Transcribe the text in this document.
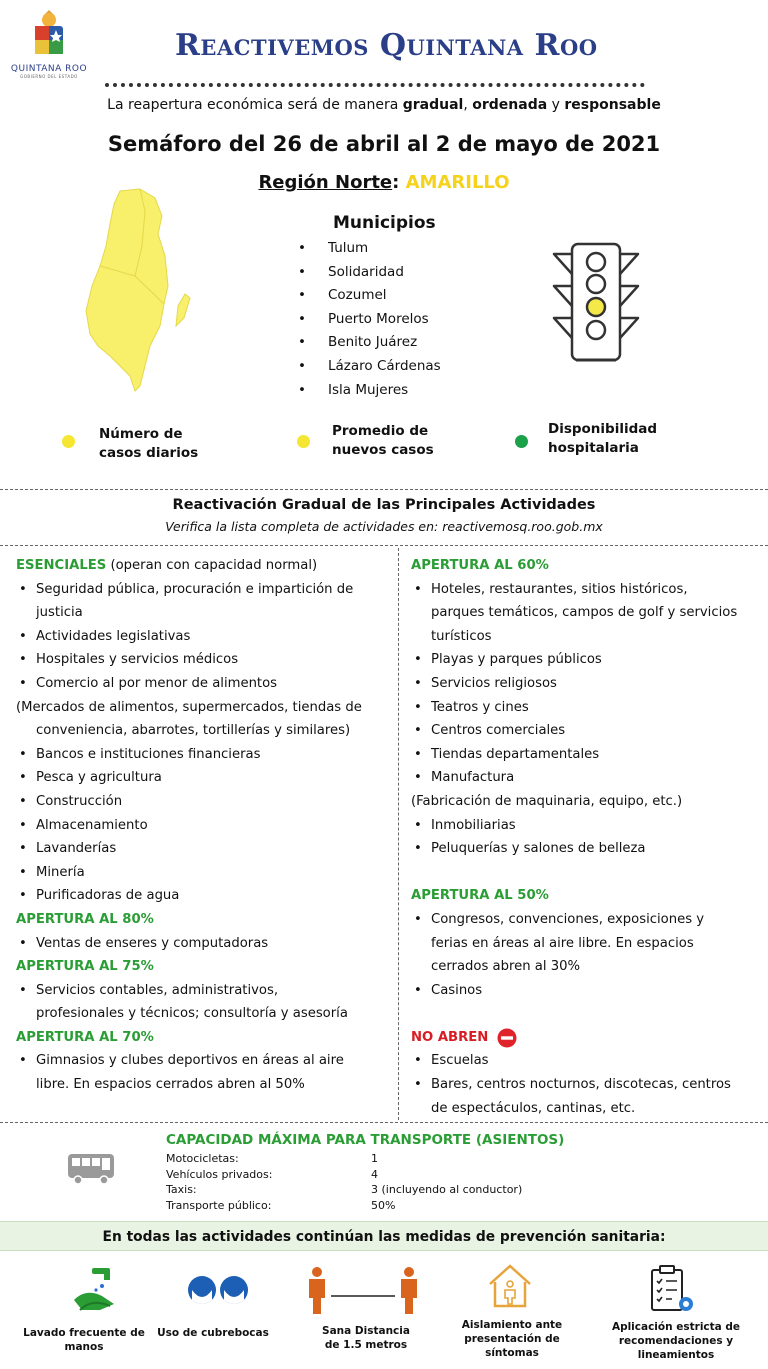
QUINTANA ROO
GOBIERNO DEL ESTADO
Reactivemos Quintana Roo
La reapertura económica será de manera gradual, ordenada y responsable
Semáforo del 26 de abril al 2 de mayo de 2021
Región Norte: AMARILLO
Municipios
• Tulum
• Solidaridad
• Cozumel
• Puerto Morelos
• Benito Juárez
• Lázaro Cárdenas
• Isla Mujeres
Número de
casos diarios
Promedio de
nuevos casos
Disponibilidad
hospitalaria
Reactivación Gradual de las Principales Actividades
Verifica la lista completa de actividades en: reactivemosq.roo.gob.mx
ESENCIALES (operan con capacidad normal)
• Seguridad pública, procuración e impartición de
justicia
• Actividades legislativas
• Hospitales y servicios médicos
• Comercio al por menor de alimentos
(Mercados de alimentos, supermercados, tiendas de
conveniencia, abarrotes, tortillerías y similares)
• Bancos e instituciones financieras
• Pesca y agricultura
• Construcción
• Almacenamiento
• Lavanderías
• Minería
• Purificadoras de agua
APERTURA AL 80%
• Ventas de enseres y computadoras
APERTURA AL 75%
• Servicios contables, administrativos,
profesionales y técnicos; consultoría y asesoría
APERTURA AL 70%
• Gimnasios y clubes deportivos en áreas al aire
libre. En espacios cerrados abren al 50%
APERTURA AL 60%
• Hoteles, restaurantes, sitios históricos,
parques temáticos, campos de golf y servicios
turísticos
• Playas y parques públicos
• Servicios religiosos
• Teatros y cines
• Centros comerciales
• Tiendas departamentales
• Manufactura
(Fabricación de maquinaria, equipo, etc.)
• Inmobiliarias
• Peluquerías y salones de belleza
APERTURA AL 50%
• Congresos, convenciones, exposiciones y
ferias en áreas al aire libre. En espacios
cerrados abren al 30%
• Casinos
NO ABREN
• Escuelas
• Bares, centros nocturnos, discotecas, centros
de espectáculos, cantinas, etc.
CAPACIDAD MÁXIMA PARA TRANSPORTE (ASIENTOS)
Motocicletas:	1
Vehículos privados:	4
Taxis:	3 (incluyendo al conductor)
Transporte público:	50%
En todas las actividades continúan las medidas de prevención sanitaria:
Lavado frecuente de
manos
Uso de cubrebocas	Sana Distancia
de 1.5 metros
Aislamiento ante
presentación de
síntomas
Aplicación estricta de
recomendaciones y
lineamientos
